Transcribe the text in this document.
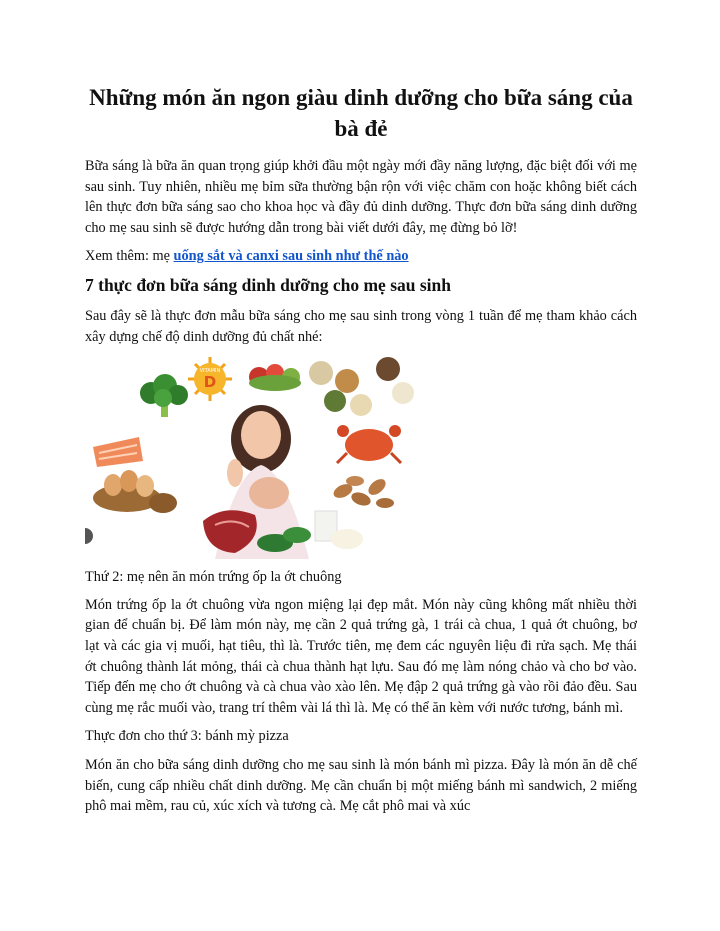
Những món ăn ngon giàu dinh dưỡng cho bữa sáng của bà đẻ

Bữa sáng là bữa ăn quan trọng giúp khởi đầu một ngày mới đầy năng lượng, đặc biệt đối với mẹ sau sinh. Tuy nhiên, nhiều mẹ bỉm sữa thường bận rộn với việc chăm con hoặc không biết cách lên thực đơn bữa sáng sao cho khoa học và đầy đủ dinh dưỡng. Thực đơn bữa sáng dinh dưỡng cho mẹ sau sinh sẽ được hướng dẫn trong bài viết dưới đây, mẹ đừng bỏ lỡ!

Xem thêm: mẹ uống sắt và canxi sau sinh như thế nào

7 thực đơn bữa sáng dinh dưỡng cho mẹ sau sinh

Sau đây sẽ là thực đơn mẫu bữa sáng cho mẹ sau sinh trong vòng 1 tuần để mẹ tham khảo cách xây dựng chế độ dinh dưỡng đủ chất nhé:

VITAMIN
D

Thứ 2: mẹ nên ăn món trứng ốp la ớt chuông

Món trứng ốp la ớt chuông vừa ngon miệng lại đẹp mắt. Món này cũng không mất nhiều thời gian để chuẩn bị. Để làm món này, mẹ cần 2 quả trứng gà, 1 trái cà chua, 1 quả ớt chuông, bơ lạt và các gia vị muối, hạt tiêu, thì là. Trước tiên, mẹ đem các nguyên liệu đi rửa sạch. Mẹ thái ớt chuông thành lát mỏng, thái cà chua thành hạt lựu. Sau đó mẹ làm nóng chảo và cho bơ vào. Tiếp đến mẹ cho ớt chuông và cà chua vào xào lên. Mẹ đập 2 quả trứng gà vào rồi đảo đều. Sau cùng mẹ rắc muối vào, trang trí thêm vài lá thì là. Mẹ có thể ăn kèm với nước tương, bánh mì.

Thực đơn cho thứ 3: bánh mỳ pizza

Món ăn cho bữa sáng dinh dưỡng cho mẹ sau sinh là món bánh mì pizza. Đây là món ăn dễ chế biến, cung cấp nhiều chất dinh dưỡng. Mẹ cần chuẩn bị một miếng bánh mì sandwich, 2 miếng phô mai mềm, rau củ, xúc xích và tương cà. Mẹ cắt phô mai và xúc
